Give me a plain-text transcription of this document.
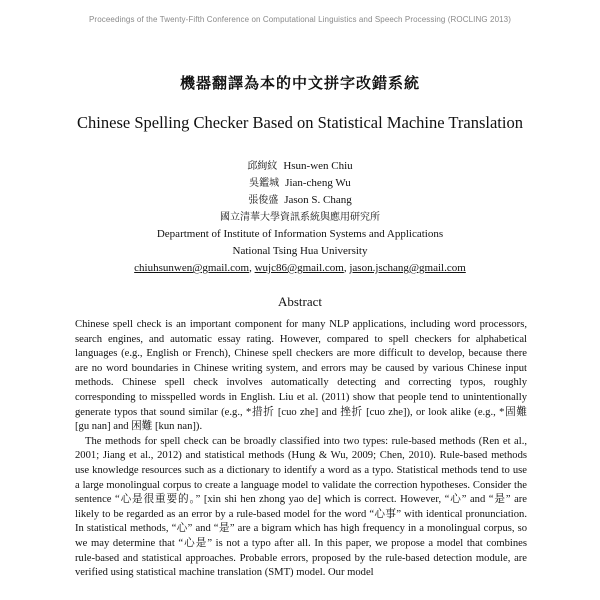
Proceedings of the Twenty-Fifth Conference on Computational Linguistics and Speech Processing (ROCLING 2013)
機器翻譯為本的中文拼字改錯系統
Chinese Spelling Checker Based on Statistical Machine Translation
邱絢紋 Hsun-wen Chiu
吳鑑城 Jian-cheng Wu
張俊盛 Jason S. Chang
國立清華大學資訊系統與應用研究所
Department of Institute of Information Systems and Applications
National Tsing Hua University
chiuhsunwen@gmail.com, wujc86@gmail.com, jason.jschang@gmail.com
Abstract

Chinese spell check is an important component for many NLP applications, including word processors, search engines, and automatic essay rating. However, compared to spell checkers for alphabetical languages (e.g., English or French), Chinese spell checkers are more difficult to develop, because there are no word boundaries in Chinese writing system, and errors may be caused by various Chinese input methods. Chinese spell check involves automatically detecting and correcting typos, roughly corresponding to misspelled words in English. Liu et al. (2011) show that people tend to unintentionally generate typos that sound similar (e.g., *措折 [cuo zhe] and 挫折 [cuo zhe]), or look alike (e.g., *固難 [gu nan] and 困難 [kun nan]).

The methods for spell check can be broadly classified into two types: rule-based methods (Ren et al., 2001; Jiang et al., 2012) and statistical methods (Hung & Wu, 2009; Chen, 2010). Rule-based methods use knowledge resources such as a dictionary to identify a word as a typo. Statistical methods tend to use a large monolingual corpus to create a language model to validate the correction hypotheses. Consider the sentence “心是很重要的。” [xin shi hen zhong yao de] which is correct. However, “心” and “是” are likely to be regarded as an error by a rule-based model for the word “心事” with identical pronunciation. In statistical methods, “心” and “是” are a bigram which has high frequency in a monolingual corpus, so we may determine that “心是” is not a typo after all. In this paper, we propose a model that combines rule-based and statistical approaches. Probable errors, proposed by the rule-based detection module, are verified using statistical machine translation (SMT) model. Our model
